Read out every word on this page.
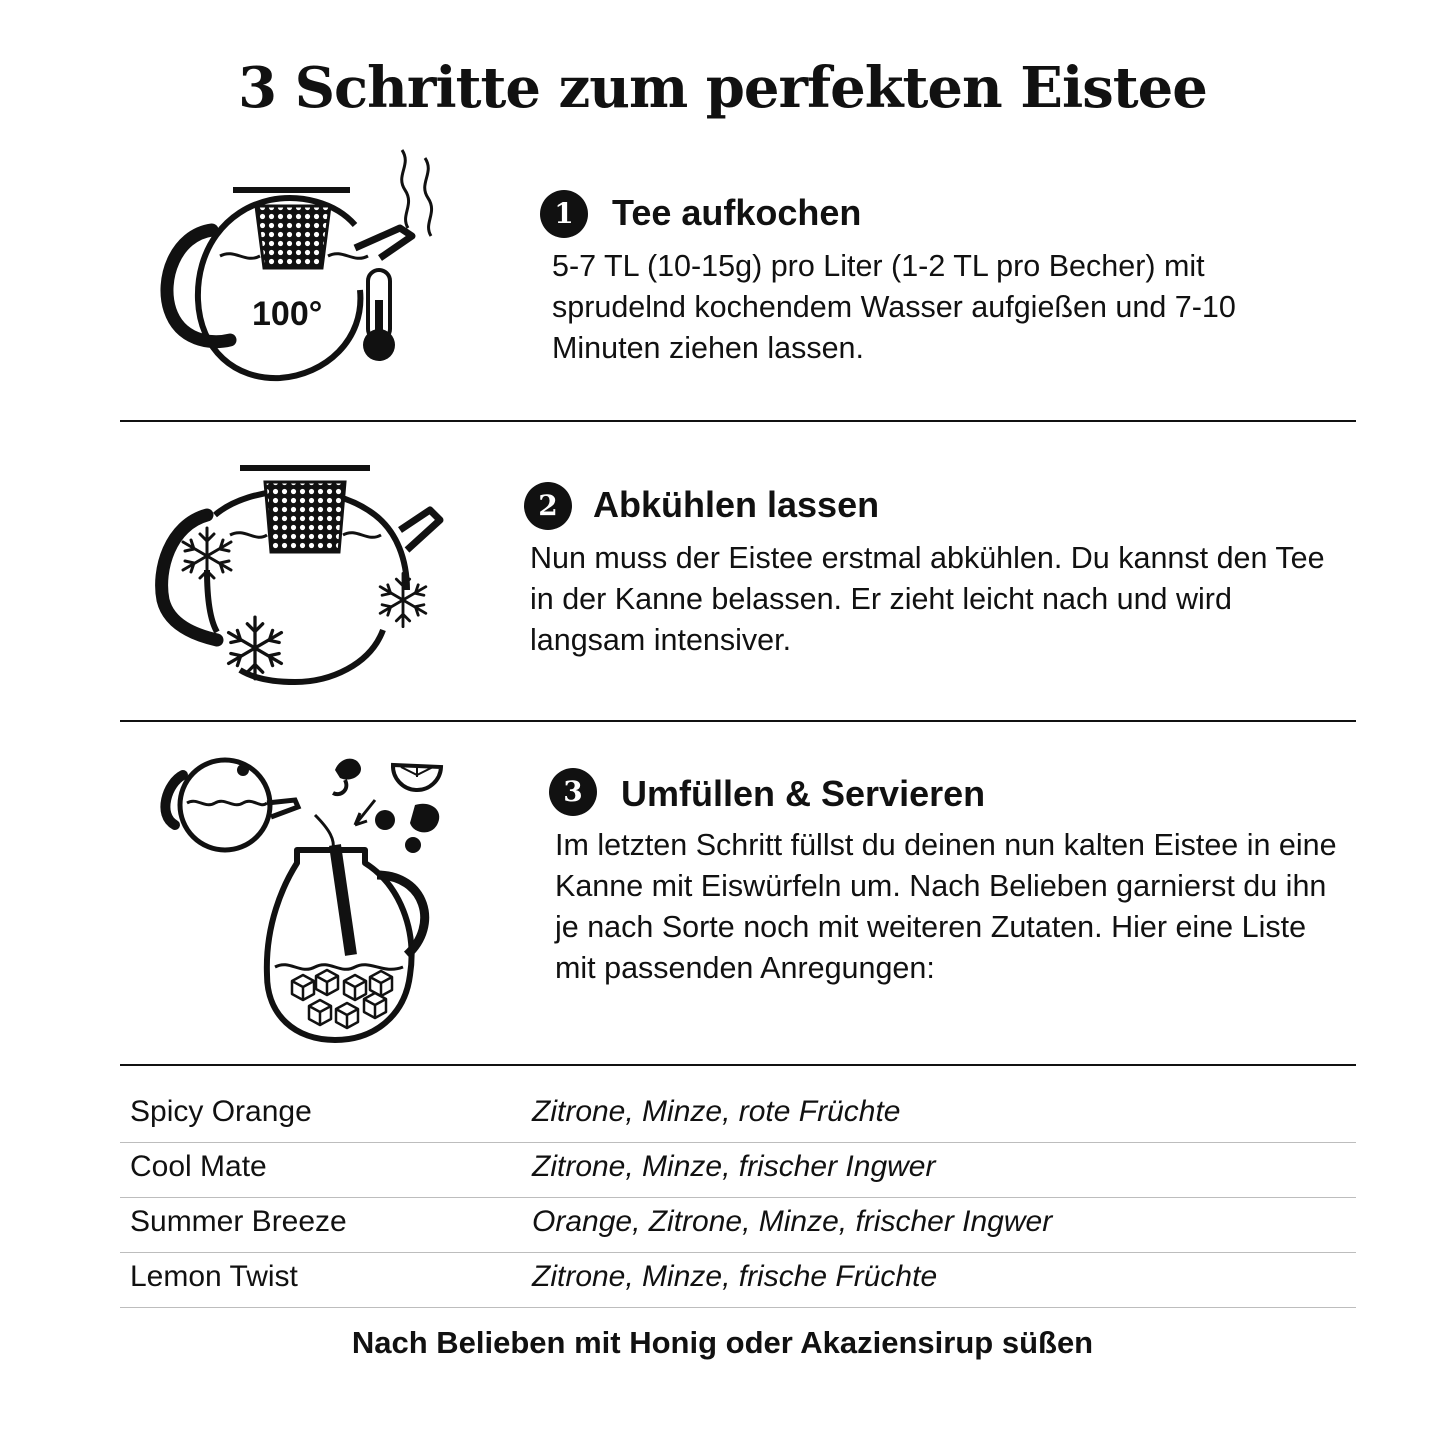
3 Schritte zum perfekten Eistee
100°
1	Tee aufkochen
5-7 TL (10-15g) pro Liter (1-2 TL pro Becher) mit sprudelnd kochendem Wasser aufgießen und 7-10 Minuten ziehen lassen.
2 Abkühlen lassen
Nun muss der Eistee erstmal abkühlen. Du kannst den Tee in der Kanne belassen. Er zieht leicht nach und wird langsam intensiver.
3	Umfüllen & Servieren
Im letzten Schritt füllst du deinen nun kalten Eistee in eine Kanne mit Eiswürfeln um. Nach Belieben garnierst du ihn je nach Sorte noch mit weiteren Zutaten. Hier eine Liste mit passenden Anregungen:
Spicy Orange	Zitrone, Minze, rote Früchte
Cool Mate	Zitrone, Minze, frischer Ingwer
Summer Breeze	Orange, Zitrone, Minze, frischer Ingwer
Lemon Twist	Zitrone, Minze, frische Früchte
Nach Belieben mit Honig oder Akaziensirup süßen
